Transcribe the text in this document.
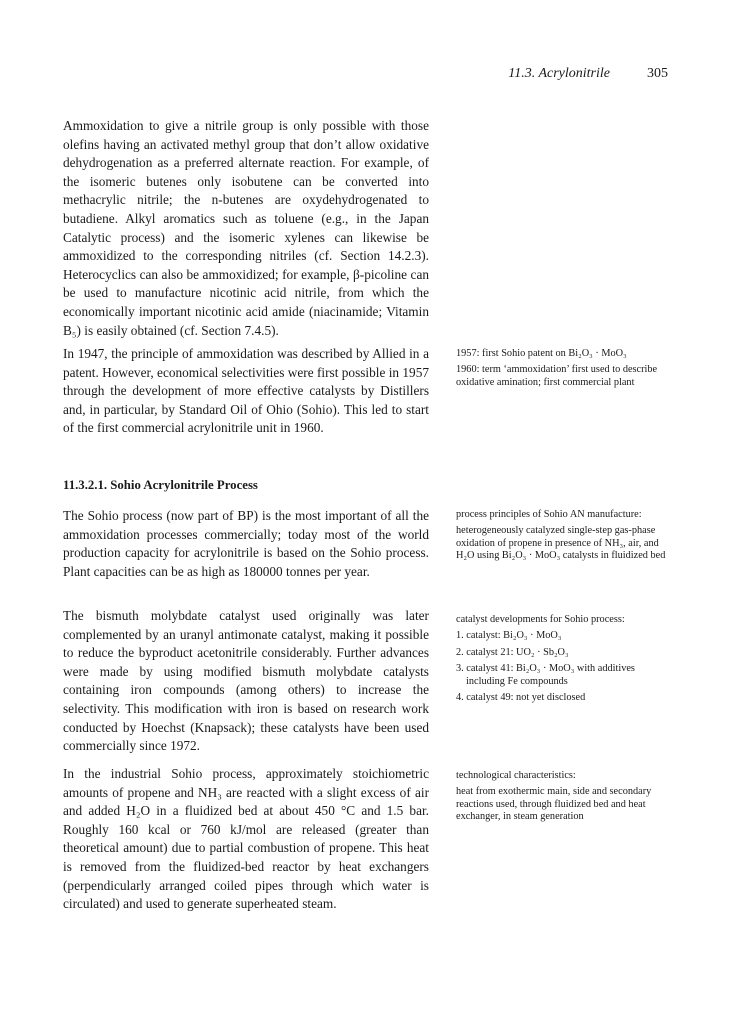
11.3. Acrylonitrile	305

Ammoxidation to give a nitrile group is only possible with those olefins having an activated methyl group that don’t allow oxidative dehydrogenation as a preferred alternate reaction. For example, of the isomeric butenes only isobutene can be converted into methacrylic nitrile; the n-butenes are oxydehydrogenated to butadiene. Alkyl aromatics such as toluene (e.g., in the Japan Catalytic process) and the isomeric xylenes can likewise be ammoxidized to the corresponding nitriles (cf. Section 14.2.3). Heterocyclics can also be ammoxidized; for example, β-picoline can be used to manufacture nicotinic acid nitrile, from which the economically important nicotinic acid amide (niacinamide; Vitamin B₅) is easily obtained (cf. Section 7.4.5).

In 1947, the principle of ammoxidation was described by Allied in a patent. However, economical selectivities were first possible in 1957 through the development of more effective catalysts by Distillers and, in particular, by Standard Oil of Ohio (Sohio). This led to start of the first commercial acrylonitrile unit in 1960.

11.3.2.1. Sohio Acrylonitrile Process

The Sohio process (now part of BP) is the most important of all the ammoxidation processes commercially; today most of the world production capacity for acrylonitrile is based on the Sohio process. Plant capacities can be as high as 180000 tonnes per year.

The bismuth molybdate catalyst used originally was later complemented by an uranyl antimonate catalyst, making it possible to reduce the byproduct acetonitrile considerably. Further advances were made by using modified bismuth molybdate catalysts containing iron compounds (among others) to increase the selectivity. This modification with iron is based on research work conducted by Hoechst (Knapsack); these catalysts have been used commercially since 1972.

In the industrial Sohio process, approximately stoichiometric amounts of propene and NH₃ are reacted with a slight excess of air and added H₂O in a fluidized bed at about 450 °C and 1.5 bar. Roughly 160 kcal or 760 kJ/mol are released (greater than theoretical amount) due to partial combustion of propene. This heat is removed from the fluidized-bed reactor by heat exchangers (perpendicularly arranged coiled pipes through which water is circulated) and used to generate superheated steam.

1957: first Sohio patent on Bi₂O₃ · MoO₃

1960: term ‘ammoxidation’ first used to describe oxidative amination; first commercial plant

process principles of Sohio AN manufacture:

heterogeneously catalyzed single-step gas-phase oxidation of propene in presence of NH₃, air, and H₂O using Bi₂O₃ · MoO₃ catalysts in fluidized bed

catalyst developments for Sohio process:

1. catalyst: Bi₂O₃ · MoO₃

2. catalyst 21: UO₂ · Sb₂O₃

3. catalyst 41: Bi₂O₃ · MoO₃ with additives including Fe compounds

4. catalyst 49: not yet disclosed

technological characteristics:

heat from exothermic main, side and secondary reactions used, through fluidized bed and heat exchanger, in steam generation
